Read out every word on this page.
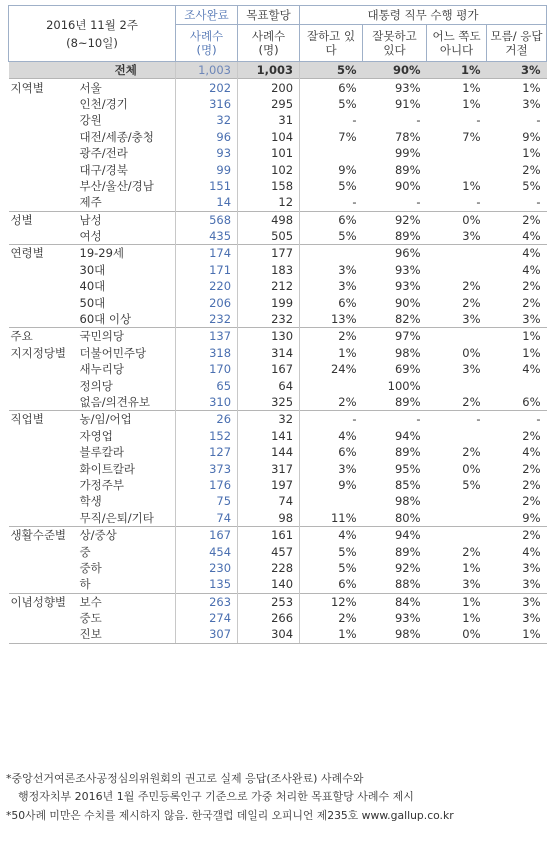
2016년 11월 2주
(8~10일)		조사완료	목표할당	대통령 직무 수행 평가			
		사례수 (명)	사례수 (명)	잘하고 있다	잘못하고 있다	어느 쪽도 아니다	모름/ 응답거절
	전체	1,003	1,003	5%	90%	1%	3%
지역별	서울	202	200	6%	93%	1%	1%
	인천/경기	316	295	5%	91%	1%	3%
	강원	32	31	-	-	-	-
	대전/세종/충청	96	104	7%	78%	7%	9%
	광주/전라	93	101		99%		1%
	대구/경북	99	102	9%	89%		2%
	부산/울산/경남	151	158	5%	90%	1%	5%
	제주	14	12	-	-	-	-
성별	남성	568	498	6%	92%	0%	2%
	여성	435	505	5%	89%	3%	4%
연령별	19-29세	174	177		96%		4%
	30대	171	183	3%	93%		4%
	40대	220	212	3%	93%	2%	2%
	50대	206	199	6%	90%	2%	2%
	60대 이상	232	232	13%	82%	3%	3%
주요	국민의당	137	130	2%	97%		1%
지지정당별	더불어민주당	318	314	1%	98%	0%	1%
	새누리당	170	167	24%	69%	3%	4%
	정의당	65	64		100%		
	없음/의견유보	310	325	2%	89%	2%	6%
직업별	농/임/어업	26	32	-	-	-	-
	자영업	152	141	4%	94%		2%
	블루칼라	127	144	6%	89%	2%	4%
	화이트칼라	373	317	3%	95%	0%	2%
	가정주부	176	197	9%	85%	5%	2%
	학생	75	74		98%		2%
	무직/은퇴/기타	74	98	11%	80%		9%
생활수준별	상/중상	167	161	4%	94%		2%
	중	454	457	5%	89%	2%	4%
	중하	230	228	5%	92%	1%	3%
	하	135	140	6%	88%	3%	3%
이념성향별	보수	263	253	12%	84%	1%	3%
	중도	274	266	2%	93%	1%	3%
	진보	307	304	1%	98%	0%	1%
*중앙선거여론조사공정심의위원회의 권고로 실제 응답(조사완료) 사례수와
행정자치부 2016년 1월 주민등록인구 기준으로 가중 처리한 목표할당 사례수 제시
*50사례 미만은 수치를 제시하지 않음. 한국갤럽 데일리 오피니언 제235호 www.gallup.co.kr
